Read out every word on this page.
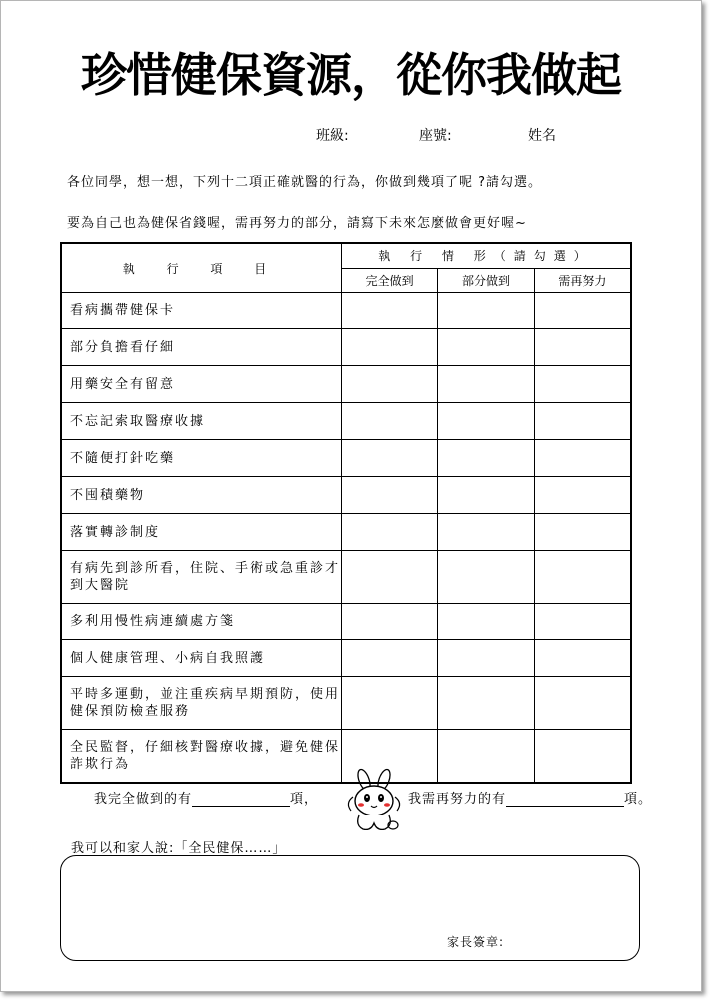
珍惜健保資源，從你我做起
班級:	座號:	姓名
各位同學，想一想，下列十二項正確就醫的行為，你做到幾項了呢 ?請勾選。
要為自己也為健保省錢喔，需再努力的部分，請寫下未來怎麼做會更好喔~
執 行 項 目	執 行 情 形（請勾選）		
	完全做到	部分做到	需再努力
看病攜帶健保卡			
部分負擔看仔細			
用藥安全有留意			
不忘記索取醫療收據			
不隨便打針吃藥			
不囤積藥物			
落實轉診制度			
有病先到診所看，住院、手術或急重診才到大醫院			
多利用慢性病連續處方箋			
個人健康管理、小病自我照護			
平時多運動，並注重疾病早期預防，使用健保預防檢查服務			
全民監督，仔細核對醫療收據，避免健保詐欺行為			
我完全做到的有	項，	我需再努力的有	項。
我可以和家人說:「全民健保……」
家長簽章:
